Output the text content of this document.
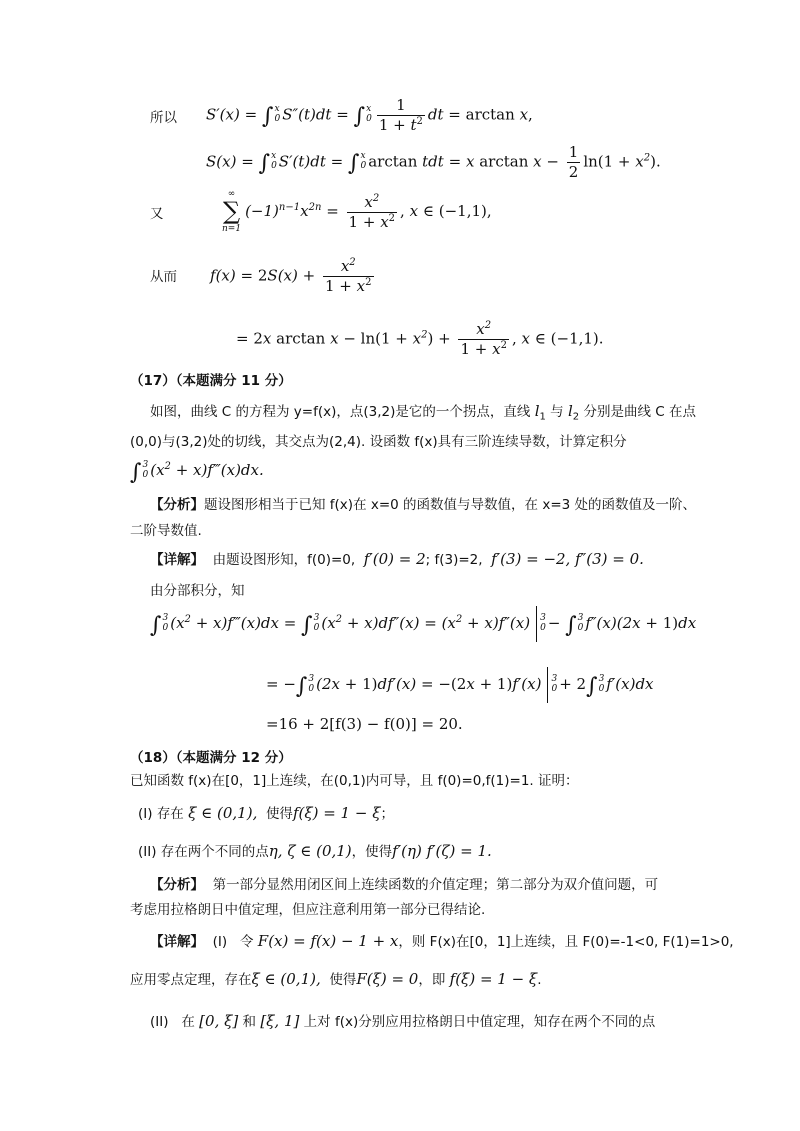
所以 S′(x) = ∫x
0 S″(t)dt = ∫x
$0 \frac{1}{1 + t^2}$ dt = arctan x,
S(x) = ∫x
0 S′(t)dt = ∫x
0 arctan tdt = x $\arctan x - \frac{1}{2} \ln(1 + x^2)$.
又
∞
∑
$n=1(-1)^{n-1}x^{2n} = \frac{x^2}{1 + x^2}$ , x ∈ (−1,1),
从而 $f(x) = 2S(x) + \frac{x^2}{1 + x^2}$
= 2x $\arctan x - \ln(1 + x^2) + \frac{x^2}{1 + x^2}$ , x ∈ (−1,1).
（17）（本题满分 11 分）
如图，曲线 C 的方程为 y=f(x)，点(3,2)是它的一个拐点，直线 $l_1$ 与 $l_2$ 分别是曲线 C 在点
(0,0)与(3,2)处的切线，其交点为(2,4). 设函数 f(x)具有三阶连续导数，计算定积分
∫3
0 ($x^2$ + x)f‴(x)dx.
【分析】题设图形相当于已知 f(x)在 x=0 的函数值与导数值，在 x=3 处的函数值及一阶、
二阶导数值.
【详解】 由题设图形知，f(0)=0, f′(0) = 2; f(3)=2, f′(3) = −2, f″(3) = 0.
由分部积分，知
∫3
0 ($x^2$ + x)f‴(x)dx = ∫3
0 $(x^2 + x)df''(x) = (x^2 + x)f''(x)$ 3
0 − ∫3
0 f″(x)(2x + 1)dx
= −∫3
0 (2x + 1)df′(x) = −(2x + 1)f′(x) 3
0 + 2∫3
0 f′(x)dx
=16 + 2[f(3) − f(0)] = 20.
（18）（本题满分 12 分）
已知函数 f(x)在[0，1]上连续，在(0,1)内可导，且 f(0)=0,f(1)=1. 证明：
(I) 存在 ξ ∈ (0,1), 使得f(ξ) = 1 − ξ；
(II) 存在两个不同的点η, ζ ∈ (0,1)，使得f′(η) f′(ζ) = 1.
【分析】 第一部分显然用闭区间上连续函数的介值定理；第二部分为双介值问题，可
考虑用拉格朗日中值定理，但应注意利用第一部分已得结论.
【详解】 (I) 令 F(x) = f(x) − 1 + x，则 F(x)在[0，1]上连续，且 F(0)=-1<0, F(1)=1>0,
应用零点定理，存在ξ ∈ (0,1), 使得F(ξ) = 0，即 f(ξ) = 1 − ξ.
(II) 在 [0, ξ] 和 [ξ, 1] 上对 f(x)分别应用拉格朗日中值定理，知存在两个不同的点
